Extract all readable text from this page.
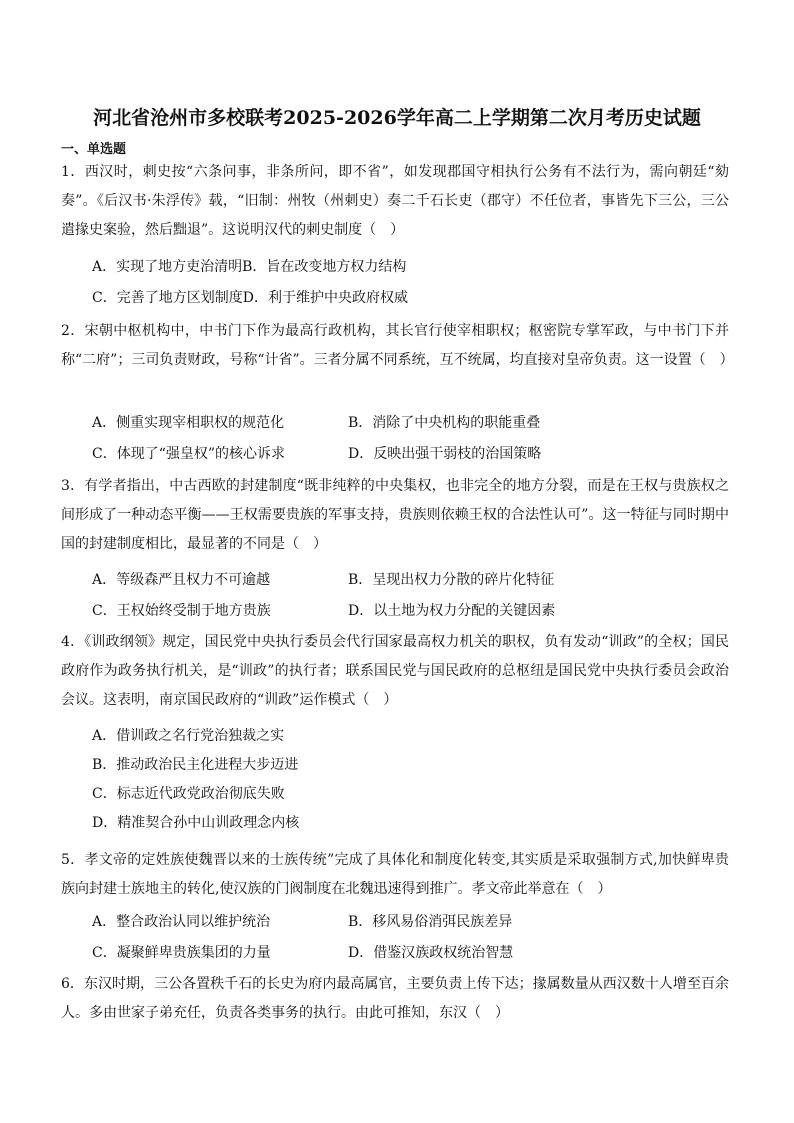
河北省沧州市多校联考2025-2026学年高二上学期第二次月考历史试题
一、单选题
1．西汉时，刺史按“六条问事，非条所问，即不省”，如发现郡国守相执行公务有不法行为，需向朝廷“劾奏”。《后汉书·朱浮传》载，“旧制：州牧（州刺史）奏二千石长吏（郡守）不任位者，事皆先下三公，三公遣掾史案验，然后黜退”。这说明汉代的刺史制度（　）
A．实现了地方吏治清明B．旨在改变地方权力结构
C．完善了地方区划制度D．利于维护中央政府权威
2．宋朝中枢机构中，中书门下作为最高行政机构，其长官行使宰相职权；枢密院专掌军政，与中书门下并称“二府”；三司负责财政，号称“计省”。三者分属不同系统，互不统属，均直接对皇帝负责。这一设置（　）
A．侧重实现宰相职权的规范化	B．消除了中央机构的职能重叠
C．体现了“强皇权”的核心诉求	D．反映出强干弱枝的治国策略
3．有学者指出，中古西欧的封建制度“既非纯粹的中央集权，也非完全的地方分裂，而是在王权与贵族权之间形成了一种动态平衡——王权需要贵族的军事支持，贵族则依赖王权的合法性认可”。这一特征与同时期中国的封建制度相比，最显著的不同是（　）
A．等级森严且权力不可逾越	B．呈现出权力分散的碎片化特征
C．王权始终受制于地方贵族	D．以土地为权力分配的关键因素
4．《训政纲领》规定，国民党中央执行委员会代行国家最高权力机关的职权，负有发动“训政”的全权；国民政府作为政务执行机关，是“训政”的执行者；联系国民党与国民政府的总枢纽是国民党中央执行委员会政治会议。这表明，南京国民政府的“训政”运作模式（　）
A．借训政之名行党治独裁之实
B．推动政治民主化进程大步迈进
C．标志近代政党政治彻底失败
D．精准契合孙中山训政理念内核
5．孝文帝的定姓族使魏晋以来的士族传统”完成了具体化和制度化转变,其实质是采取强制方式,加快鲜卑贵族向封建士族地主的转化,使汉族的门阀制度在北魏迅速得到推广。孝文帝此举意在（　）
A．整合政治认同以维护统治	B．移风易俗消弭民族差异
C．凝聚鲜卑贵族集团的力量	D．借鉴汉族政权统治智慧
6．东汉时期，三公各置秩千石的长史为府内最高属官，主要负责上传下达；掾属数量从西汉数十人增至百余人。多由世家子弟充任，负责各类事务的执行。由此可推知，东汉（　）
